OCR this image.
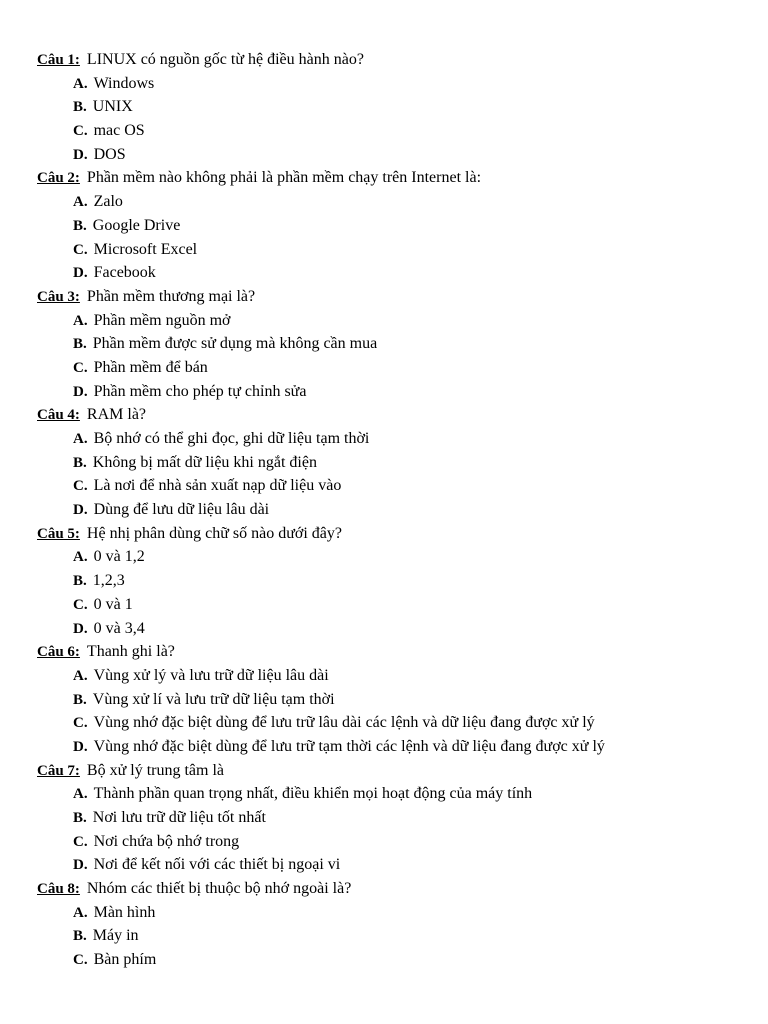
Câu 1: LINUX có nguồn gốc từ hệ điều hành nào?
A. Windows
B. UNIX
C. mac OS
D. DOS
Câu 2: Phần mềm nào không phải là phần mềm chạy trên Internet là:
A. Zalo
B. Google Drive
C. Microsoft Excel
D. Facebook
Câu 3: Phần mềm thương mại là?
A. Phần mềm nguồn mở
B. Phần mềm được sử dụng mà không cần mua
C. Phần mềm để bán
D. Phần mềm cho phép tự chỉnh sửa
Câu 4: RAM là?
A. Bộ nhớ có thể ghi đọc, ghi dữ liệu tạm thời
B. Không bị mất dữ liệu khi ngắt điện
C. Là nơi để nhà sản xuất nạp dữ liệu vào
D. Dùng để lưu dữ liệu lâu dài
Câu 5: Hệ nhị phân dùng chữ số nào dưới đây?
A. 0 và 1,2
B. 1,2,3
C. 0 và 1
D. 0 và 3,4
Câu 6: Thanh ghi là?
A. Vùng xử lý và lưu trữ dữ liệu lâu dài
B. Vùng xử lí và lưu trữ dữ liệu tạm thời
C. Vùng nhớ đặc biệt dùng để lưu trữ lâu dài các lệnh và dữ liệu đang được xử lý
D. Vùng nhớ đặc biệt dùng để lưu trữ tạm thời các lệnh và dữ liệu đang được xử lý
Câu 7: Bộ xử lý trung tâm là
A. Thành phần quan trọng nhất, điều khiển mọi hoạt động của máy tính
B. Nơi lưu trữ dữ liệu tốt nhất
C. Nơi chứa bộ nhớ trong
D. Nơi để kết nối với các thiết bị ngoại vi
Câu 8: Nhóm các thiết bị thuộc bộ nhớ ngoài là?
A. Màn hình
B. Máy in
C. Bàn phím
